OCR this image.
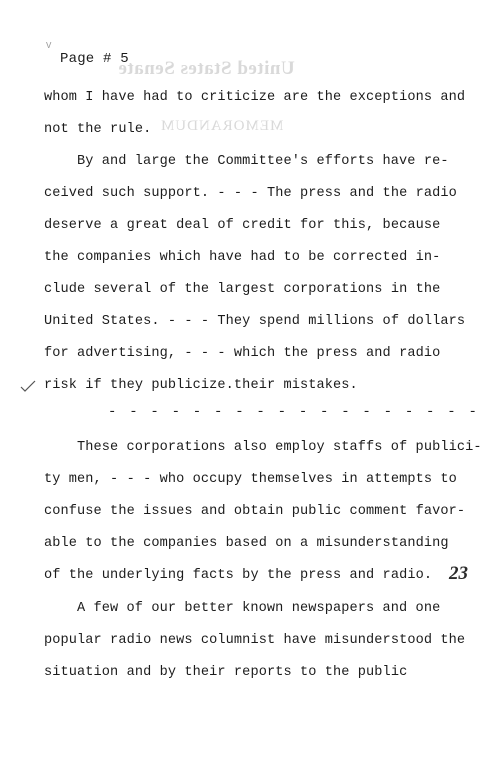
United States Senate
MEMORANDUM
V
Page # 5
whom I have had to criticize are the exceptions and
not the rule.
By and large the Committee's efforts have re-
ceived such support. - - - The press and the radio
deserve a great deal of credit for this, because
the companies which have had to be corrected in-
clude several of the largest corporations in the
United States. - - - They spend millions of dollars
for advertising, - - - which the press and radio
risk if they publicize.their mistakes.
- - - - - - - - - - - - - - - - - -
These corporations also employ staffs of publici-
ty men, - - - who occupy themselves in attempts to
confuse the issues and obtain public comment favor-
able to the companies based on a misunderstanding
of the underlying facts by the press and radio. 23
A few of our better known newspapers and one
popular radio news columnist have misunderstood the
situation and by their reports to the public
